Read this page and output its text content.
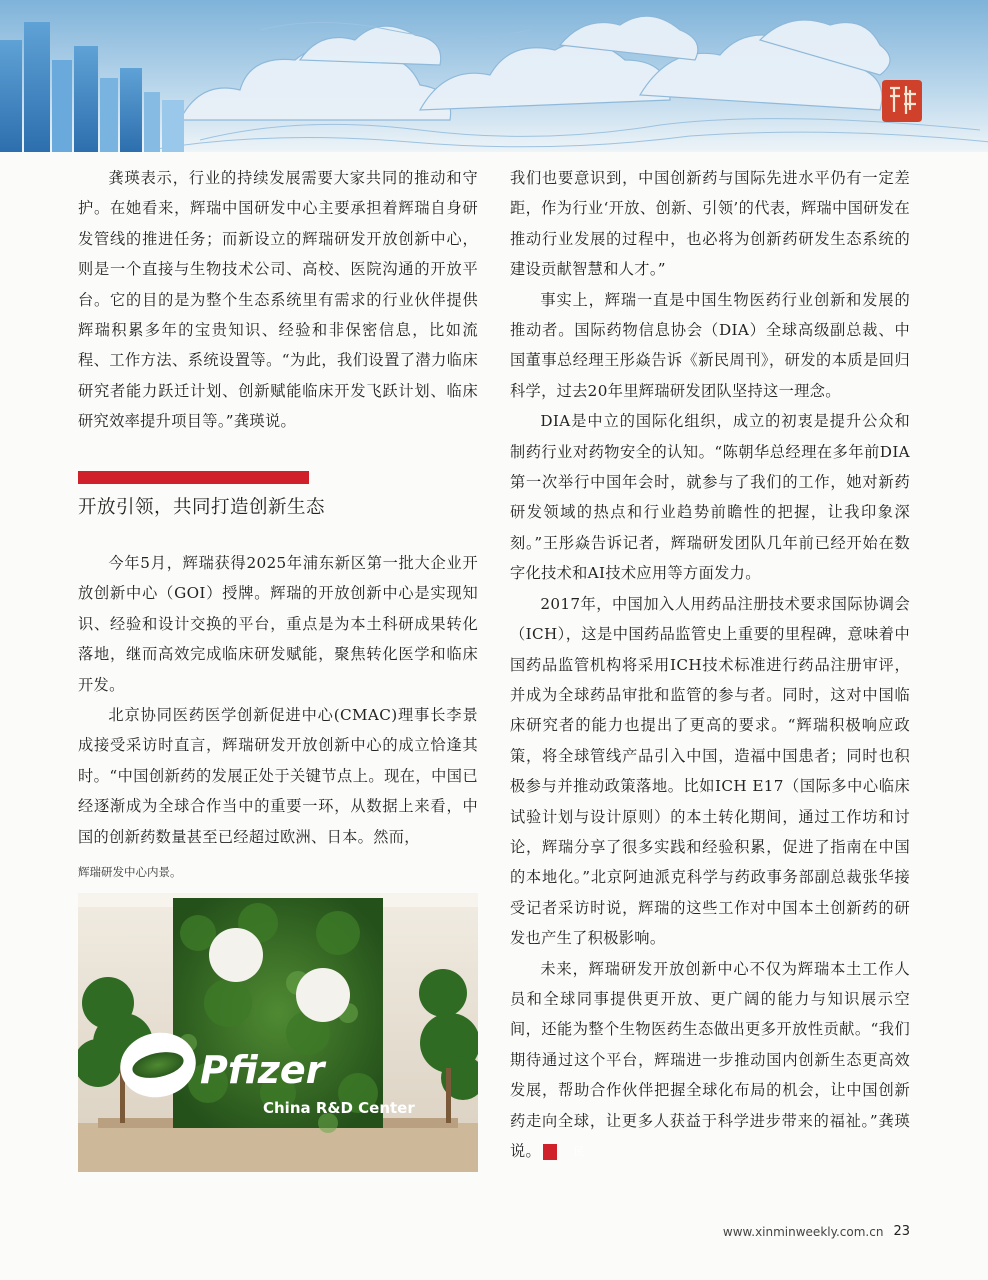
龚瑛表示，行业的持续发展需要大家共同的推动和守护。在她看来，辉瑞中国研发中心主要承担着辉瑞自身研发管线的推进任务；而新设立的辉瑞研发开放创新中心，则是一个直接与生物技术公司、高校、医院沟通的开放平台。它的目的是为整个生态系统里有需求的行业伙伴提供辉瑞积累多年的宝贵知识、经验和非保密信息，比如流程、工作方法、系统设置等。“为此，我们设置了潜力临床研究者能力跃迁计划、创新赋能临床开发飞跃计划、临床研究效率提升项目等。”龚瑛说。

开放引领，共同打造创新生态

今年5月，辉瑞获得2025年浦东新区第一批大企业开放创新中心（GOI）授牌。辉瑞的开放创新中心是实现知识、经验和设计交换的平台，重点是为本土科研成果转化落地，继而高效完成临床研发赋能，聚焦转化医学和临床开发。

北京协同医药医学创新促进中心(CMAC)理事长李景成接受采访时直言，辉瑞研发开放创新中心的成立恰逢其时。“中国创新药的发展正处于关键节点上。现在，中国已经逐渐成为全球合作当中的重要一环，从数据上来看，中国的创新药数量甚至已经超过欧洲、日本。然而，

辉瑞研发中心内景。
Pfizer
China R&D Center

我们也要意识到，中国创新药与国际先进水平仍有一定差距，作为行业‘开放、创新、引领’的代表，辉瑞中国研发在推动行业发展的过程中，也必将为创新药研发生态系统的建设贡献智慧和人才。”

事实上，辉瑞一直是中国生物医药行业创新和发展的推动者。国际药物信息协会（DIA）全球高级副总裁、中国董事总经理王彤焱告诉《新民周刊》，研发的本质是回归科学，过去20年里辉瑞研发团队坚持这一理念。

DIA是中立的国际化组织，成立的初衷是提升公众和制药行业对药物安全的认知。“陈朝华总经理在多年前DIA第一次举行中国年会时，就参与了我们的工作，她对新药研发领域的热点和行业趋势前瞻性的把握，让我印象深刻。”王彤焱告诉记者，辉瑞研发团队几年前已经开始在数字化技术和AI技术应用等方面发力。

2017年，中国加入人用药品注册技术要求国际协调会（ICH），这是中国药品监管史上重要的里程碑，意味着中国药品监管机构将采用ICH技术标准进行药品注册审评，并成为全球药品审批和监管的参与者。同时，这对中国临床研究者的能力也提出了更高的要求。“辉瑞积极响应政策，将全球管线产品引入中国，造福中国患者；同时也积极参与并推动政策落地。比如ICH E17（国际多中心临床试验计划与设计原则）的本土转化期间，通过工作坊和讨论，辉瑞分享了很多实践和经验积累，促进了指南在中国的本地化。”北京阿迪派克科学与药政事务部副总裁张华接受记者采访时说，辉瑞的这些工作对中国本土创新药的研发也产生了积极影响。

未来，辉瑞研发开放创新中心不仅为辉瑞本土工作人员和全球同事提供更开放、更广阔的能力与知识展示空间，还能为整个生物医药生态做出更多开放性贡献。“我们期待通过这个平台，辉瑞进一步推动国内创新生态更高效发展，帮助合作伙伴把握全球化布局的机会，让中国创新药走向全球，让更多人获益于科学进步带来的福祉。”龚瑛说。	民

www.xinminweekly.com.cn 23
